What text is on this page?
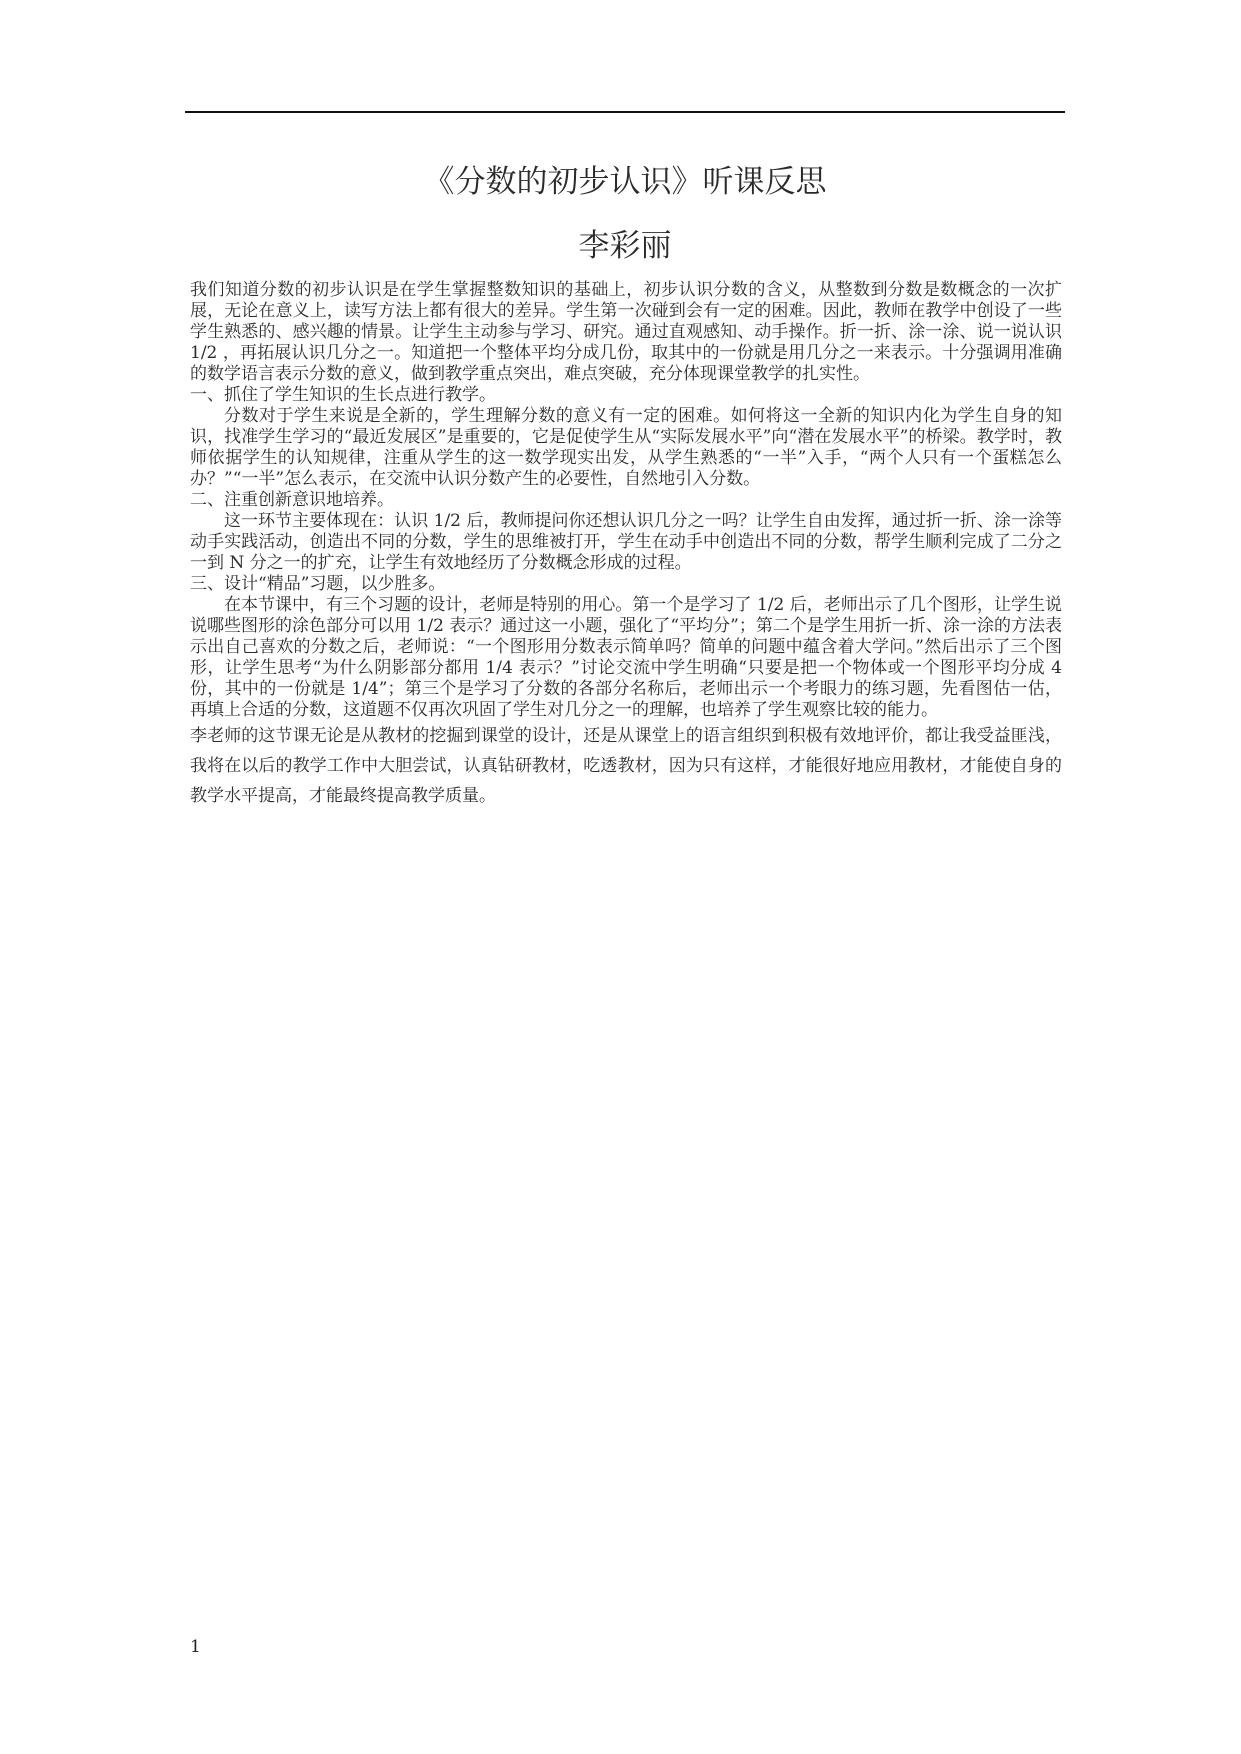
《分数的初步认识》听课反思
李彩丽

我们知道分数的初步认识是在学生掌握整数知识的基础上，初步认识分数的含义，从整数到分数是数概念的一次扩展，无论在意义上，读写方法上都有很大的差异。学生第一次碰到会有一定的困难。因此，教师在教学中创设了一些学生熟悉的、感兴趣的情景。让学生主动参与学习、研究。通过直观感知、动手操作。折一折、涂一涂、说一说认识 1/2 ，再拓展认识几分之一。知道把一个整体平均分成几份，取其中的一份就是用几分之一来表示。十分强调用准确的数学语言表示分数的意义，做到教学重点突出，难点突破，充分体现课堂教学的扎实性。

一、抓住了学生知识的生长点进行教学。

分数对于学生来说是全新的，学生理解分数的意义有一定的困难。如何将这一全新的知识内化为学生自身的知识，找准学生学习的“最近发展区”是重要的，它是促使学生从“实际发展水平”向“潜在发展水平”的桥梁。教学时，教师依据学生的认知规律，注重从学生的这一数学现实出发，从学生熟悉的“一半”入手，“两个人只有一个蛋糕怎么办？”“一半”怎么表示，在交流中认识分数产生的必要性，自然地引入分数。

二、注重创新意识地培养。

这一环节主要体现在：认识 1/2 后，教师提问你还想认识几分之一吗？让学生自由发挥，通过折一折、涂一涂等动手实践活动，创造出不同的分数，学生的思维被打开，学生在动手中创造出不同的分数，帮学生顺利完成了二分之一到 N 分之一的扩充，让学生有效地经历了分数概念形成的过程。

三、设计“精品”习题，以少胜多。

在本节课中，有三个习题的设计，老师是特别的用心。第一个是学习了 1/2 后，老师出示了几个图形，让学生说说哪些图形的涂色部分可以用 1/2 表示？通过这一小题，强化了“平均分”；第二个是学生用折一折、涂一涂的方法表示出自己喜欢的分数之后，老师说：“一个图形用分数表示简单吗？简单的问题中蕴含着大学问。”然后出示了三个图形，让学生思考“为什么阴影部分都用 1/4 表示？”讨论交流中学生明确“只要是把一个物体或一个图形平均分成 4 份，其中的一份就是 1/4”；第三个是学习了分数的各部分名称后，老师出示一个考眼力的练习题，先看图估一估，再填上合适的分数，这道题不仅再次巩固了学生对几分之一的理解，也培养了学生观察比较的能力。

李老师的这节课无论是从教材的挖掘到课堂的设计，还是从课堂上的语言组织到积极有效地评价，都让我受益匪浅，我将在以后的教学工作中大胆尝试，认真钻研教材，吃透教材，因为只有这样，才能很好地应用教材，才能使自身的教学水平提高，才能最终提高教学质量。

1
